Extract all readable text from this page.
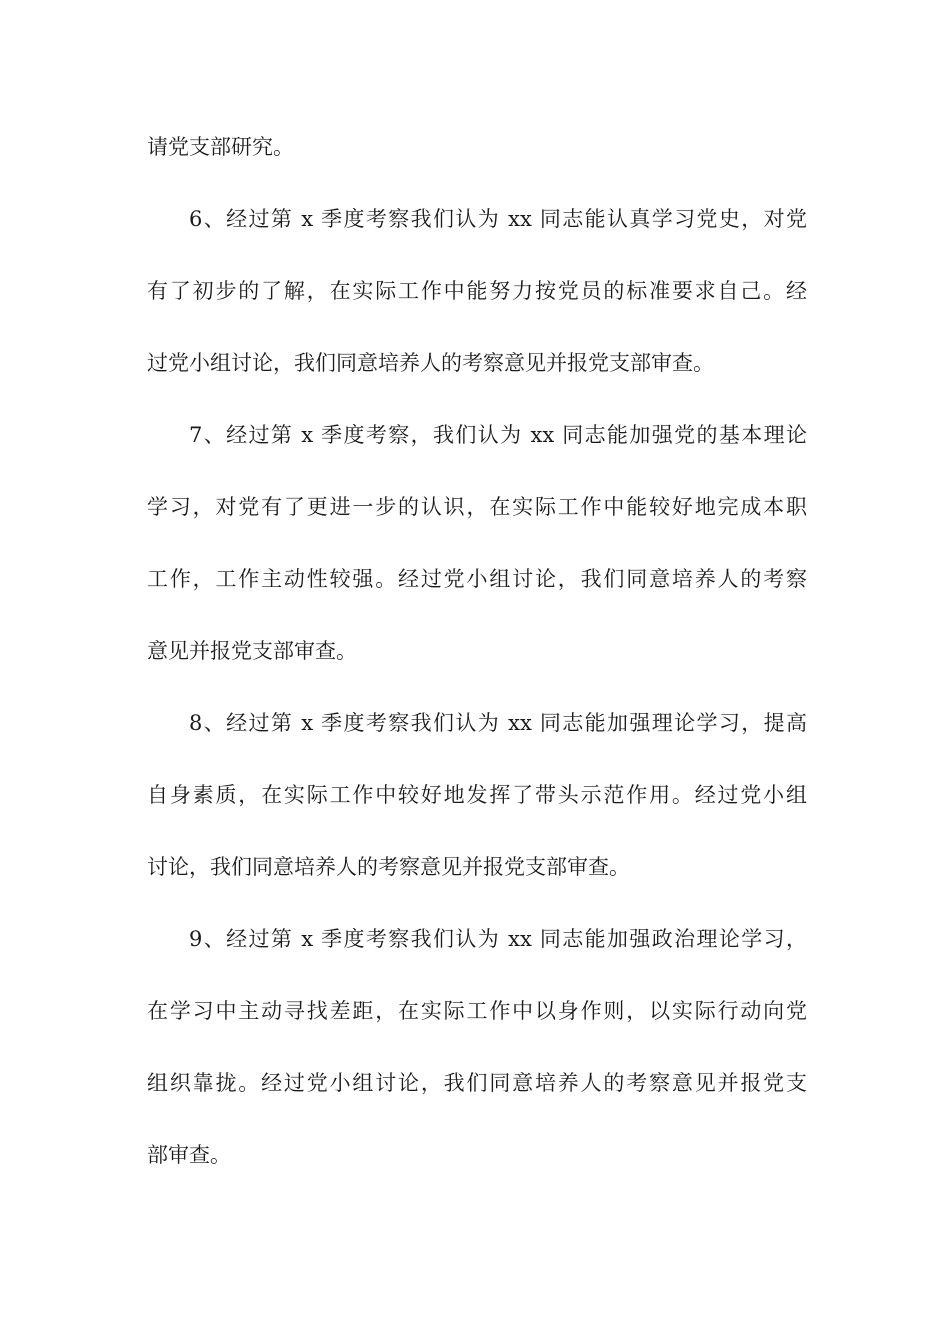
请党支部研究。
6、经过第 x 季度考察我们认为 xx 同志能认真学习党史，对党
有了初步的了解，在实际工作中能努力按党员的标准要求自己。经
过党小组讨论，我们同意培养人的考察意见并报党支部审查。
7、经过第 x 季度考察，我们认为 xx 同志能加强党的基本理论
学习，对党有了更进一步的认识，在实际工作中能较好地完成本职
工作，工作主动性较强。经过党小组讨论，我们同意培养人的考察
意见并报党支部审查。
8、经过第 x 季度考察我们认为 xx 同志能加强理论学习，提高
自身素质，在实际工作中较好地发挥了带头示范作用。经过党小组
讨论，我们同意培养人的考察意见并报党支部审查。
9、经过第 x 季度考察我们认为 xx 同志能加强政治理论学习，
在学习中主动寻找差距，在实际工作中以身作则，以实际行动向党
组织靠拢。经过党小组讨论，我们同意培养人的考察意见并报党支
部审查。
